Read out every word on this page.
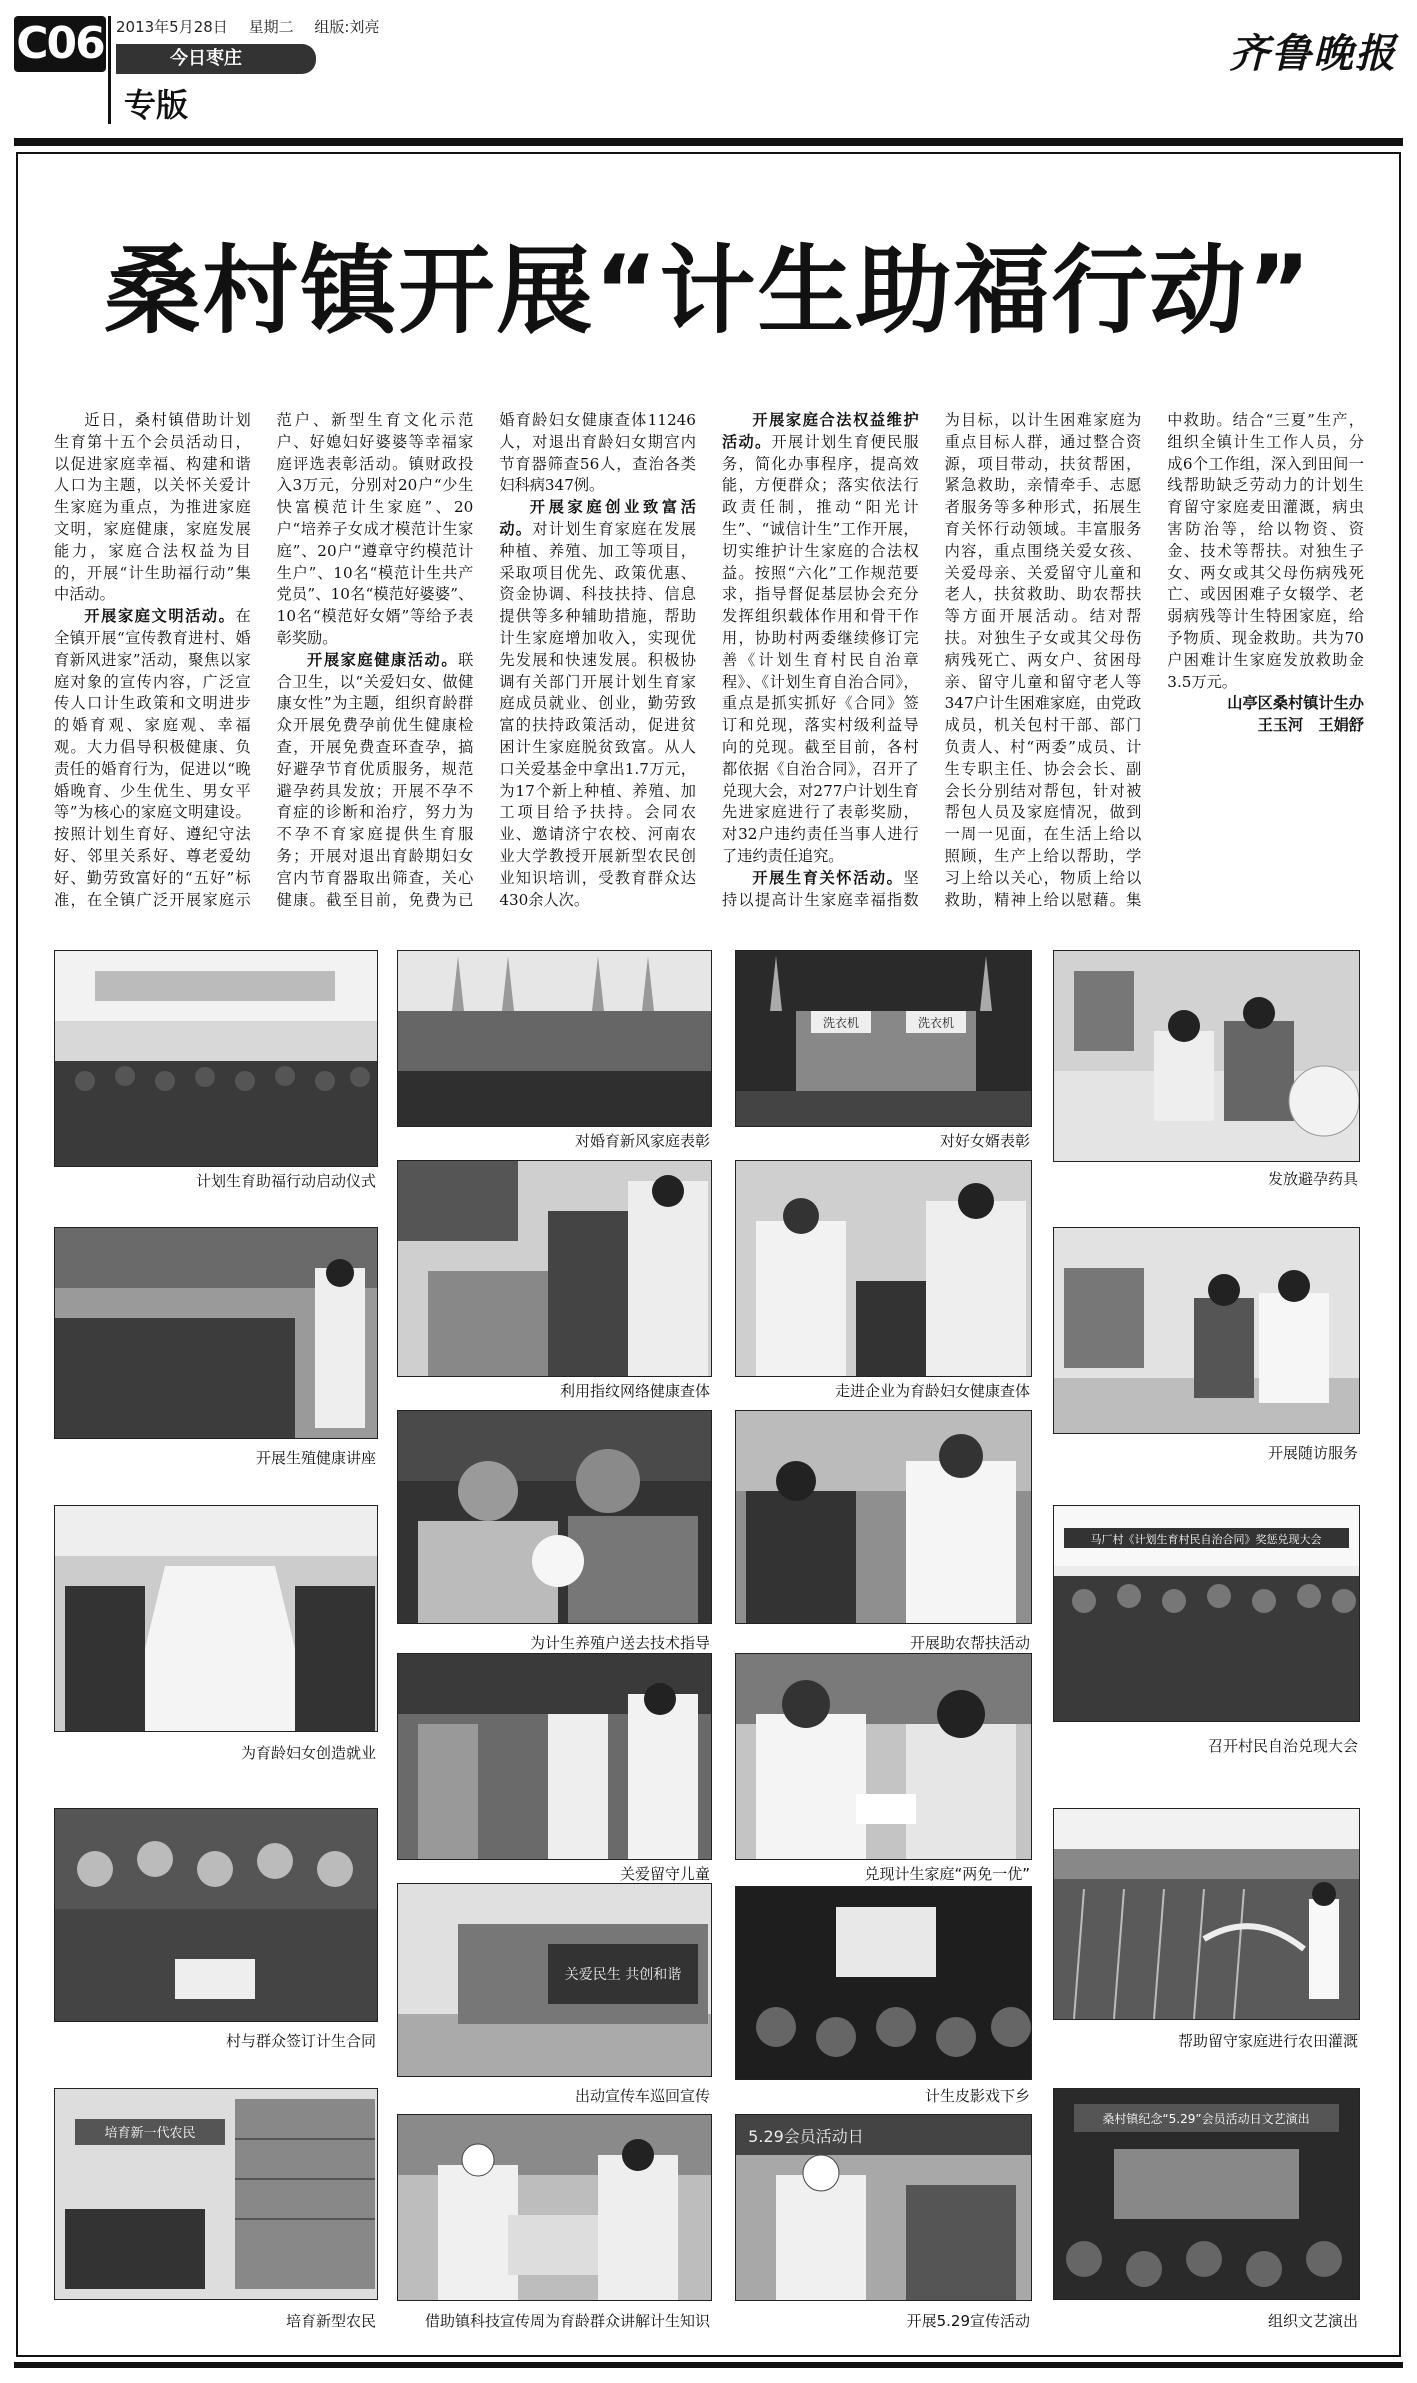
C06 2013年5月28日 星期二 组版:刘亮
今日枣庄
专版
齐鲁晚报
桑村镇开展“计生助福行动”

近日，桑村镇借助计划生育第十五个会员活动日，以促进家庭幸福、构建和谐人口为主题，以关怀关爱计生家庭为重点，为推进家庭文明，家庭健康，家庭发展能力，家庭合法权益为目的，开展“计生助福行动”集中活动。

开展家庭文明活动。在全镇开展“宣传教育进村、婚育新风进家”活动，聚焦以家庭对象的宣传内容，广泛宣传人口计生政策和文明进步的婚育观、家庭观、幸福观。大力倡导积极健康、负责任的婚育行为，促进以“晚婚晚育、少生优生、男女平等”为核心的家庭文明建设。按照计划生育好、遵纪守法好、邻里关系好、尊老爱幼好、勤劳致富好的“五好”标准，在全镇广泛开展家庭示范户、新型生育文化示范户、好媳妇好婆婆等幸福家庭评选表彰活动。镇财政投入3万元，分别对20户“少生快富模范计生家庭”、20户“培养子女成才模范计生家庭”、20户“遵章守约模范计生户”、10名“模范计生共产党员”、10名“模范好婆婆”、10名“模范好女婿”等给予表彰奖励。

开展家庭健康活动。联合卫生，以“关爱妇女、做健康女性”为主题，组织育龄群众开展免费孕前优生健康检查，开展免费查环查孕，搞好避孕节育优质服务，规范避孕药具发放；开展不孕不育症的诊断和治疗，努力为不孕不育家庭提供生育服务；开展对退出育龄期妇女宫内节育器取出筛查，关心健康。截至目前，免费为已婚育龄妇女健康查体11246人，对退出育龄妇女期宫内节育器筛查56人，查治各类妇科病347例。

开展家庭创业致富活动。对计划生育家庭在发展种植、养殖、加工等项目，采取项目优先、政策优惠、资金协调、科技扶持、信息提供等多种辅助措施，帮助计生家庭增加收入，实现优先发展和快速发展。积极协调有关部门开展计划生育家庭成员就业、创业，勤劳致富的扶持政策活动，促进贫困计生家庭脱贫致富。从人口关爱基金中拿出1.7万元，为17个新上种植、养殖、加工项目给予扶持。会同农业、邀请济宁农校、河南农业大学教授开展新型农民创业知识培训，受教育群众达430余人次。

开展家庭合法权益维护活动。开展计划生育便民服务，简化办事程序，提高效能，方便群众；落实依法行政责任制，推动“阳光计生”、“诚信计生”工作开展，切实维护计生家庭的合法权益。按照“六化”工作规范要求，指导督促基层协会充分发挥组织载体作用和骨干作用，协助村两委继续修订完善《计划生育村民自治章程》、《计划生育自治合同》，重点是抓实抓好《合同》签订和兑现，落实村级利益导向的兑现。截至目前，各村都依据《自治合同》，召开了兑现大会，对277户计划生育先进家庭进行了表彰奖励，对32户违约责任当事人进行了违约责任追究。

开展生育关怀活动。坚持以提高计生家庭幸福指数为目标，以计生困难家庭为重点目标人群，通过整合资源，项目带动，扶贫帮困，紧急救助，亲情牵手、志愿者服务等多种形式，拓展生育关怀行动领域。丰富服务内容，重点围绕关爱女孩、关爱母亲、关爱留守儿童和老人，扶贫救助、助农帮扶等方面开展活动。结对帮扶。对独生子女或其父母伤病残死亡、两女户、贫困母亲、留守儿童和留守老人等347户计生困难家庭，由党政成员，机关包村干部、部门负责人、村“两委”成员、计生专职主任、协会会长、副会长分别结对帮包，针对被帮包人员及家庭情况，做到一周一见面，在生活上给以照顾，生产上给以帮助，学习上给以关心，物质上给以救助，精神上给以慰藉。集中救助。结合“三夏”生产，组织全镇计生工作人员，分成6个工作组，深入到田间一线帮助缺乏劳动力的计划生育留守家庭麦田灌溉，病虫害防治等，给以物资、资金、技术等帮扶。对独生子女、两女或其父母伤病残死亡、或因困难子女辍学、老弱病残等计生特困家庭，给予物质、现金救助。共为70户困难计生家庭发放救助金3.5万元。

山亭区桑村镇计生办

王玉河　王娟舒

计划生育助福行动启动仪式
开展生殖健康讲座
为育龄妇女创造就业
村与群众签订计生合同
培育新一代农民
培育新型农民
对婚育新风家庭表彰
利用指纹网络健康查体
为计生养殖户送去技术指导
关爱留守儿童
关爱民生 共创和谐
出动宣传车巡回宣传
借助镇科技宣传周为育龄群众讲解计生知识
洗衣机	洗衣机
对好女婿表彰
走进企业为育龄妇女健康查体
开展助农帮扶活动
兑现计生家庭“两免一优”
计生皮影戏下乡
5.29会员活动日
开展5.29宣传活动
发放避孕药具
开展随访服务
马厂村《计划生育村民自治合同》奖惩兑现大会
召开村民自治兑现大会
帮助留守家庭进行农田灌溉
桑村镇纪念“5.29”会员活动日文艺演出
组织文艺演出
